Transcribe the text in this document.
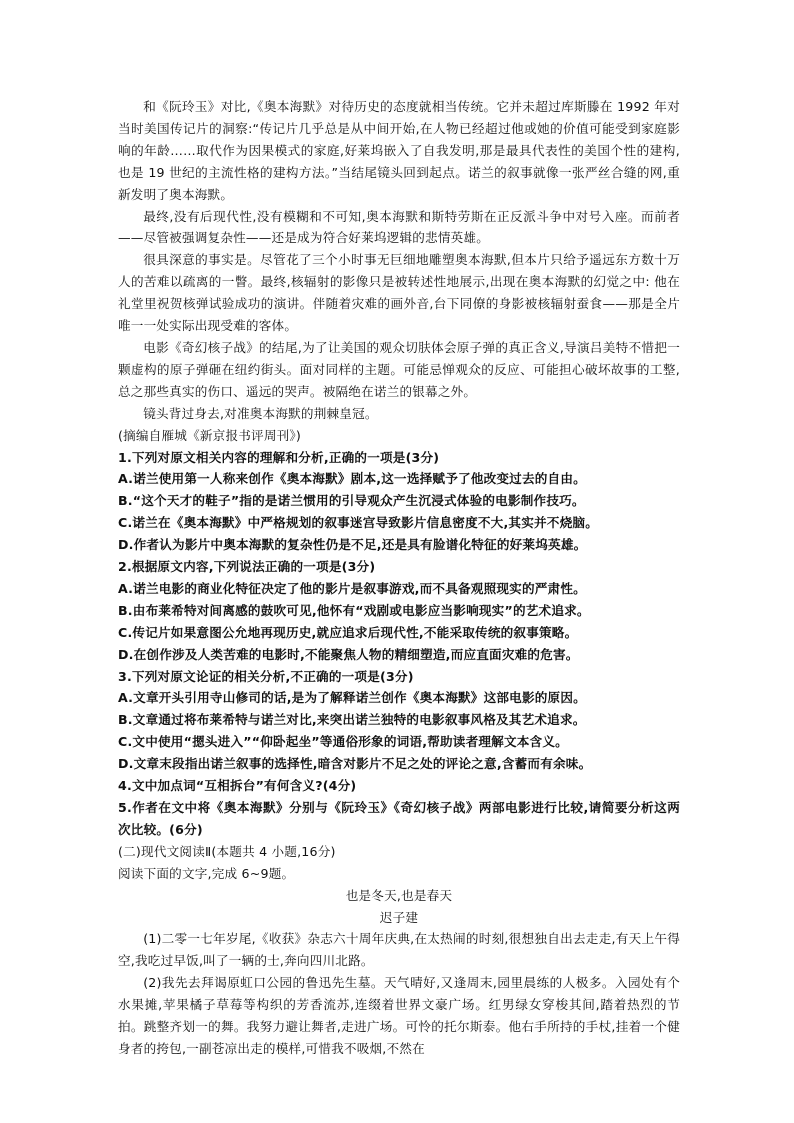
和《阮玲玉》对比,《奥本海默》对待历史的态度就相当传统。它并未超过库斯滕在 1992 年对当时美国传记片的洞察:“传记片几乎总是从中间开始,在人物已经超过他或她的价值可能受到家庭影响的年龄……取代作为因果模式的家庭,好莱坞嵌入了自我发明,那是最具代表性的美国个性的建构,也是 19 世纪的主流性格的建构方法。”当结尾镜头回到起点。诺兰的叙事就像一张严丝合缝的网,重新发明了奥本海默。

最终,没有后现代性,没有模糊和不可知,奥本海默和斯特劳斯在正反派斗争中对号入座。而前者——尽管被强调复杂性——还是成为符合好莱坞逻辑的悲情英雄。

很具深意的事实是。尽管花了三个小时事无巨细地雕塑奥本海默,但本片只给予遥远东方数十万人的苦难以疏离的一瞥。最终,核辐射的影像只是被转述性地展示,出现在奥本海默的幻觉之中: 他在礼堂里祝贺核弹试验成功的演讲。伴随着灾难的画外音,台下同僚的身影被核辐射蚕食——那是全片唯一一处实际出现受难的客体。

电影《奇幻核子战》的结尾,为了让美国的观众切肤体会原子弹的真正含义,导演吕美特不惜把一颗虚构的原子弹砸在纽约街头。面对同样的主题。可能忌惮观众的反应、可能担心破坏故事的工整,总之那些真实的伤口、遥远的哭声。被隔绝在诺兰的银幕之外。

镜头背过身去,对准奥本海默的荆棘皇冠。

(摘编自雁城《新京报书评周刊》)

1.下列对原文相关内容的理解和分析,正确的一项是(3分)

A.诺兰使用第一人称来创作《奥本海默》剧本,这一选择赋予了他改变过去的自由。

B.“这个天才的鞋子”指的是诺兰惯用的引导观众产生沉浸式体验的电影制作技巧。

C.诺兰在《奥本海默》中严格规划的叙事迷宫导致影片信息密度不大,其实并不烧脑。

D.作者认为影片中奥本海默的复杂性仍是不足,还是具有脸谱化特征的好莱坞英雄。

2.根据原文内容,下列说法正确的一项是(3分)

A.诺兰电影的商业化特征决定了他的影片是叙事游戏,而不具备观照现实的严肃性。

B.由布莱希特对间离感的鼓吹可见,他怀有“戏剧或电影应当影响现实”的艺术追求。

C.传记片如果意图公允地再现历史,就应追求后现代性,不能采取传统的叙事策略。

D.在创作涉及人类苦难的电影时,不能聚焦人物的精细塑造,而应直面灾难的危害。

3.下列对原文论证的相关分析,不正确的一项是(3分)

A.文章开头引用寺山修司的话,是为了解释诺兰创作《奥本海默》这部电影的原因。

B.文章通过将布莱希特与诺兰对比,来突出诺兰独特的电影叙事风格及其艺术追求。

C.文中使用“摁头进入”“仰卧起坐”等通俗形象的词语,帮助读者理解文本含义。

D.文章末段指出诺兰叙事的选择性,暗含对影片不足之处的评论之意,含蓄而有余味。

4.文中加点词“互相拆台”有何含义?(4分)

5.作者在文中将《奥本海默》分别与《阮玲玉》《奇幻核子战》两部电影进行比较,请简要分析这两次比较。(6分)

(二)现代文阅读Ⅱ(本题共 4 小题,16分)

阅读下面的文字,完成 6~9题。

也是冬天,也是春天

迟子建

(1)二零一七年岁尾,《收获》杂志六十周年庆典,在太热闹的时刻,很想独自出去走走,有天上午得空,我吃过早饭,叫了一辆的士,奔向四川北路。

(2)我先去拜谒原虹口公园的鲁迅先生墓。天气晴好,又逢周末,园里晨练的人极多。入园处有个水果摊,苹果橘子草莓等构织的芳香流苏,连缀着世界文豪广场。红男绿女穿梭其间,踏着热烈的节拍。跳整齐划一的舞。我努力避让舞者,走进广场。可怜的托尔斯泰。他右手所持的手杖,挂着一个健身者的挎包,一副苍凉出走的模样,可惜我不吸烟,不然在
